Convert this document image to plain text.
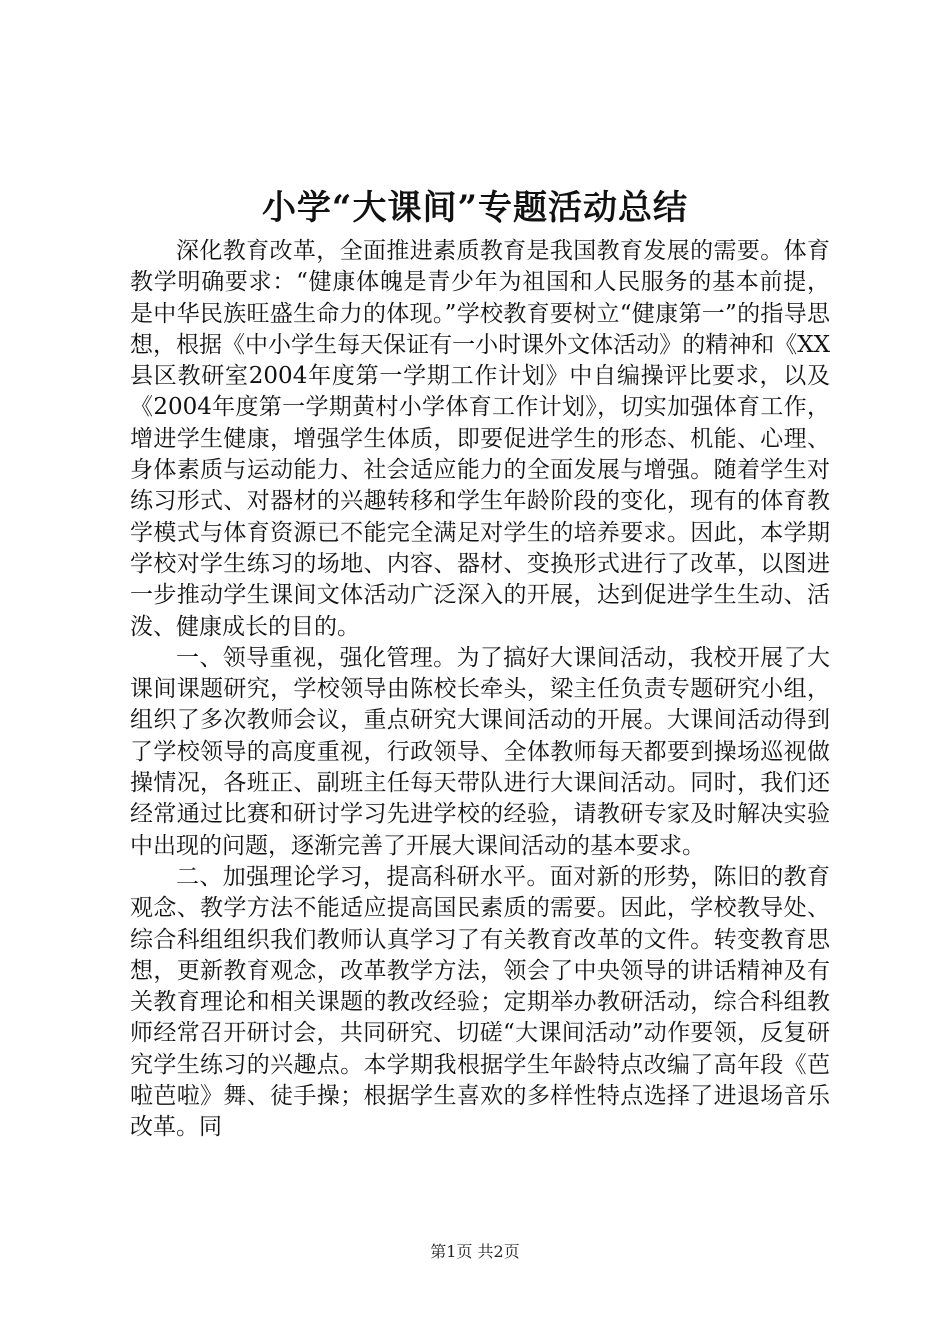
小学“大课间”专题活动总结

深化教育改革，全面推进素质教育是我国教育发展的需要。体育教学明确要求：“健康体魄是青少年为祖国和人民服务的基本前提，是中华民族旺盛生命力的体现。”学校教育要树立“健康第一”的指导思想，根据《中小学生每天保证有一小时课外文体活动》的精神和《XX县区教研室2004年度第一学期工作计划》中自编操评比要求，以及《2004年度第一学期黄村小学体育工作计划》，切实加强体育工作，增进学生健康，增强学生体质，即要促进学生的形态、机能、心理、身体素质与运动能力、社会适应能力的全面发展与增强。随着学生对练习形式、对器材的兴趣转移和学生年龄阶段的变化，现有的体育教学模式与体育资源已不能完全满足对学生的培养要求。因此，本学期学校对学生练习的场地、内容、器材、变换形式进行了改革，以图进一步推动学生课间文体活动广泛深入的开展，达到促进学生生动、活泼、健康成长的目的。

一、领导重视，强化管理。为了搞好大课间活动，我校开展了大课间课题研究，学校领导由陈校长牵头，梁主任负责专题研究小组，组织了多次教师会议，重点研究大课间活动的开展。大课间活动得到了学校领导的高度重视，行政领导、全体教师每天都要到操场巡视做操情况，各班正、副班主任每天带队进行大课间活动。同时，我们还经常通过比赛和研讨学习先进学校的经验，请教研专家及时解决实验中出现的问题，逐渐完善了开展大课间活动的基本要求。

二、加强理论学习，提高科研水平。面对新的形势，陈旧的教育观念、教学方法不能适应提高国民素质的需要。因此，学校教导处、综合科组组织我们教师认真学习了有关教育改革的文件。转变教育思想，更新教育观念，改革教学方法，领会了中央领导的讲话精神及有关教育理论和相关课题的教改经验；定期举办教研活动，综合科组教师经常召开研讨会，共同研究、切磋“大课间活动”动作要领，反复研究学生练习的兴趣点。本学期我根据学生年龄特点改编了高年段《芭啦芭啦》舞、徒手操；根据学生喜欢的多样性特点选择了进退场音乐改革。同

第1页 共2页
